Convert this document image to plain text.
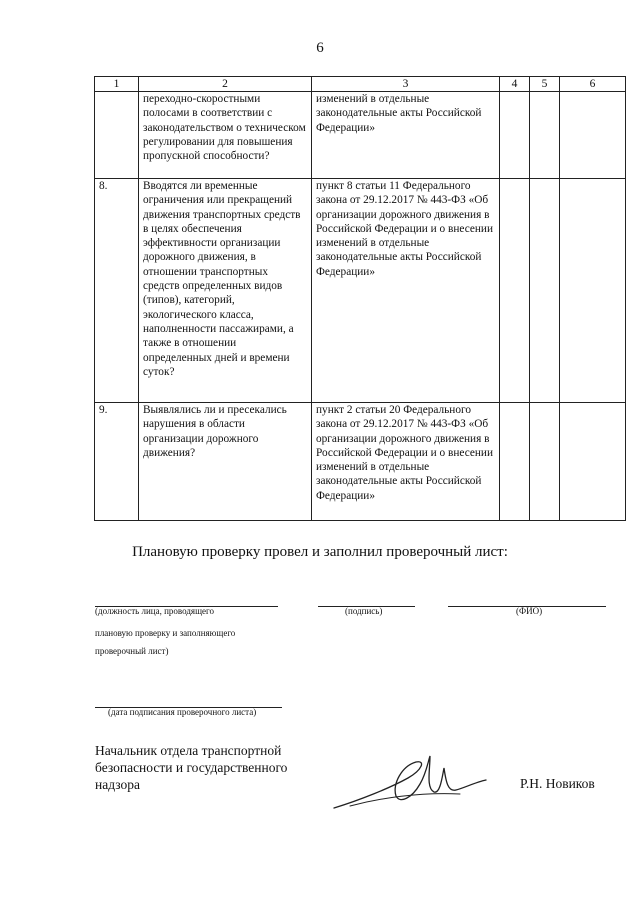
6
1	2	3	4	5	6
	переходно-скоростными полосами в соответствии с законодательством о техническом регулировании для повышения пропускной способности?	изменений в отдельные законодательные акты Российской Федерации»			
8.	Вводятся ли временные ограничения или прекращений движения транспортных средств в целях обеспечения эффективности организации дорожного движения, в отношении транспортных средств определенных видов (типов), категорий, экологического класса, наполненности пассажирами, а также в отношении определенных дней и времени суток?	пункт 8 статьи 11 Федерального закона от 29.12.2017 № 443-ФЗ «Об организации дорожного движения в Российской Федерации и о внесении изменений в отдельные законодательные акты Российской Федерации»			
9.	Выявлялись ли и пресекались нарушения в области организации дорожного движения?	пункт 2 статьи 20 Федерального закона от 29.12.2017 № 443-ФЗ «Об организации дорожного движения в Российской Федерации и о внесении изменений в отдельные законодательные акты Российской Федерации»			
Плановую проверку провел и заполнил проверочный лист:
(должность лица, проводящего
плановую проверку и заполняющего
проверочный лист)
(подпись)	(ФИО)
(дата подписания проверочного листа)
Начальник отдела транспортной
безопасности и государственного
надзора	Р.Н. Новиков
